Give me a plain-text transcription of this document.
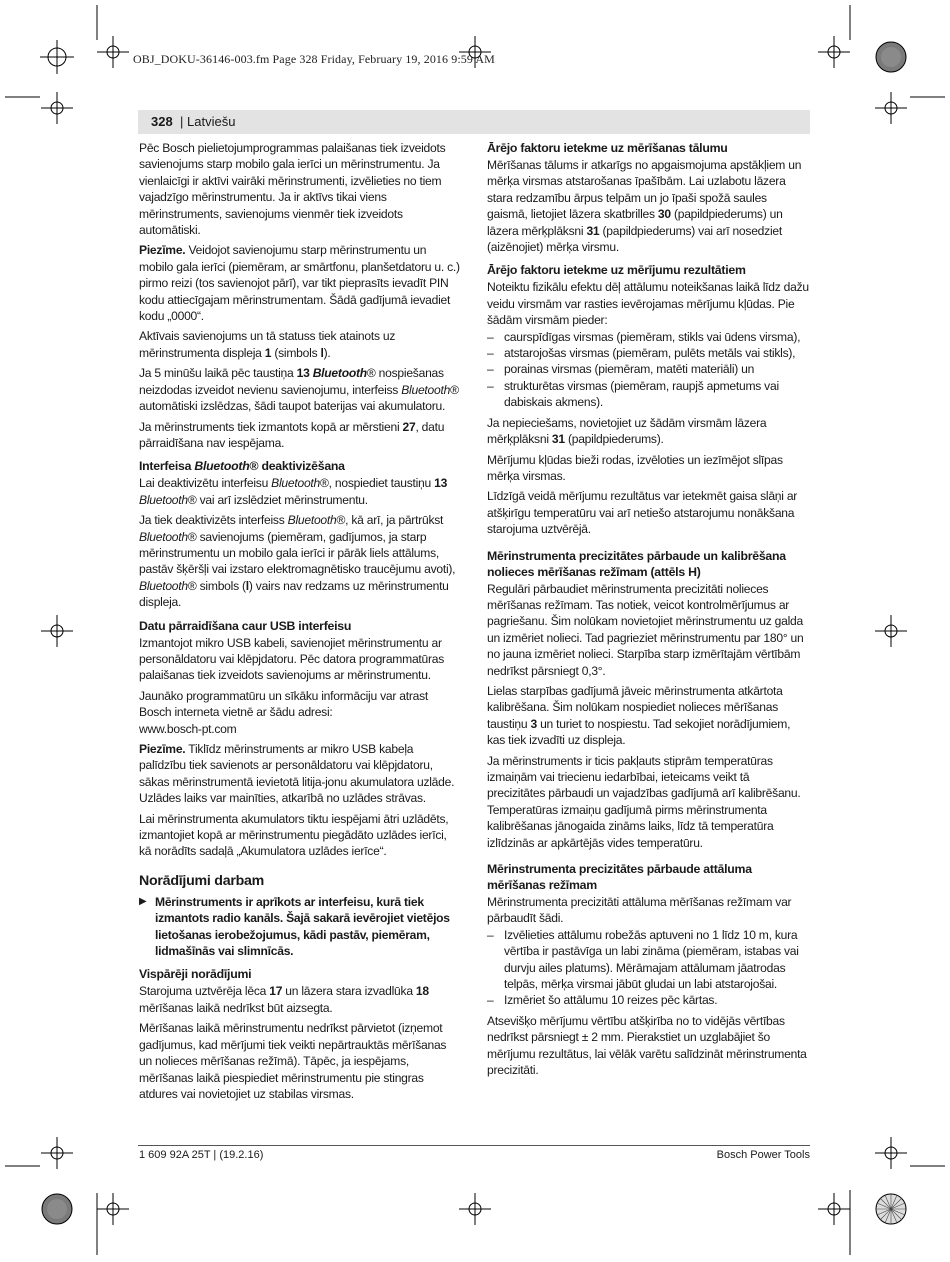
OBJ_DOKU-36146-003.fm Page 328 Friday, February 19, 2016 9:59 AM
328 | Latviešu

Pēc Bosch pielietojumprogrammas palaišanas tiek izveidots savienojums starp mobilo gala ierīci un mērinstrumentu. Ja vienlaicīgi ir aktīvi vairāki mērinstrumenti, izvēlieties no tiem vajadzīgo mērinstrumentu. Ja ir aktīvs tikai viens mērinstruments, savienojums vienmēr tiek izveidots automātiski.

Piezīme. Veidojot savienojumu starp mērinstrumentu un mobilo gala ierīci (piemēram, ar smārtfonu, planšetdatoru u. c.) pirmo reizi (tos savienojot pārī), var tikt pieprasīts ievadīt PIN kodu attiecīgajam mērinstrumentam. Šādā gadījumā ievadiet kodu „0000“.

Aktīvais savienojums un tā statuss tiek atainots uz mērinstrumenta displeja 1 (simbols l).

Ja 5 minūšu laikā pēc taustiņa 13 Bluetooth® nospiešanas neizdodas izveidot nevienu savienojumu, interfeiss Bluetooth® automātiski izslēdzas, šādi taupot baterijas vai akumulatoru.

Ja mērinstruments tiek izmantots kopā ar mērstieni 27, datu pārraidīšana nav iespējama.

Interfeisa Bluetooth® deaktivizēšana

Lai deaktivizētu interfeisu Bluetooth®, nospiediet taustiņu 13 Bluetooth® vai arī izslēdziet mērinstrumentu.

Ja tiek deaktivizēts interfeiss Bluetooth®, kā arī, ja pārtrūkst Bluetooth® savienojums (piemēram, gadījumos, ja starp mērinstrumentu un mobilo gala ierīci ir pārāk liels attālums, pastāv šķēršļi vai izstaro elektromagnētisko traucējumu avoti), Bluetooth® simbols (l) vairs nav redzams uz mērinstrumentu displeja.

Datu pārraidīšana caur USB interfeisu

Izmantojot mikro USB kabeli, savienojiet mērinstrumentu ar personāldatoru vai klēpjdatoru. Pēc datora programmatūras palaišanas tiek izveidots savienojums ar mērinstrumentu.

Jaunāko programmatūru un sīkāku informāciju var atrast Bosch interneta vietnē ar šādu adresi:
www.bosch-pt.com

Piezīme. Tiklīdz mērinstruments ar mikro USB kabeļa palīdzību tiek savienots ar personāldatoru vai klēpjdatoru, sākas mērinstrumentā ievietotā litija-jonu akumulatora uzlāde. Uzlādes laiks var mainīties, atkarībā no uzlādes strāvas.

Lai mērinstrumenta akumulators tiktu iespējami ātri uzlādēts, izmantojiet kopā ar mērinstrumentu piegādāto uzlādes ierīci, kā norādīts sadaļā „Akumulatora uzlādes ierīce“.

Norādījumi darbam
▶ Mērinstruments ir aprīkots ar interfeisu, kurā tiek izmantots radio kanāls. Šajā sakarā ievērojiet vietējos lietošanas ierobežojumus, kādi pastāv, piemēram, lidmašīnās vai slimnīcās.
Vispārēji norādījumi

Starojuma uztvērēja lēca 17 un lāzera stara izvadlūka 18 mērīšanas laikā nedrīkst būt aizsegta.

Mērīšanas laikā mērinstrumentu nedrīkst pārvietot (izņemot gadījumus, kad mērījumi tiek veikti nepārtrauktās mērīšanas un nolieces mērīšanas režīmā). Tāpēc, ja iespējams, mērīšanas laikā piespiediet mērinstrumentu pie stingras atdures vai novietojiet uz stabilas virsmas.

Ārējo faktoru ietekme uz mērīšanas tālumu

Mērīšanas tālums ir atkarīgs no apgaismojuma apstākļiem un mērķa virsmas atstarošanas īpašībām. Lai uzlabotu lāzera stara redzamību ārpus telpām un jo īpaši spožā saules gaismā, lietojiet lāzera skatbrilles 30 (papildpiederums) un lāzera mērķplāksni 31 (papildpiederums) vai arī nosedziet (aizēnojiet) mērķa virsmu.

Ārējo faktoru ietekme uz mērījumu rezultātiem

Noteiktu fizikālu efektu dēļ attālumu noteikšanas laikā līdz dažu veidu virsmām var rasties ievērojamas mērījumu kļūdas. Pie šādām virsmām pieder:

– caurspīdīgas virsmas (piemēram, stikls vai ūdens virsma),
– atstarojošas virsmas (piemēram, pulēts metāls vai stikls),
– porainas virsmas (piemēram, matēti materiāli) un
– strukturētas virsmas (piemēram, raupjš apmetums vai dabiskais akmens).

Ja nepieciešams, novietojiet uz šādām virsmām lāzera mērķplāksni 31 (papildpiederums).

Mērījumu kļūdas bieži rodas, izvēloties un iezīmējot slīpas mērķa virsmas.

Līdzīgā veidā mērījumu rezultātus var ietekmēt gaisa slāņi ar atšķirīgu temperatūru vai arī netiešo atstarojumu nonākšana starojuma uztvērējā.

Mērinstrumenta precizitātes pārbaude un kalibrēšana nolieces mērīšanas režīmam (attēls H)

Regulāri pārbaudiet mērinstrumenta precizitāti nolieces mērīšanas režīmam. Tas notiek, veicot kontrolmērījumus ar pagriešanu. Šim nolūkam novietojiet mērinstrumentu uz galda un izmēriet nolieci. Tad pagrieziet mērinstrumentu par 180° un no jauna izmēriet nolieci. Starpība starp izmērītajām vērtībām nedrīkst pārsniegt 0,3°.

Lielas starpības gadījumā jāveic mērinstrumenta atkārtota kalibrēšana. Šim nolūkam nospiediet nolieces mērīšanas taustiņu 3 un turiet to nospiestu. Tad sekojiet norādījumiem, kas tiek izvadīti uz displeja.

Ja mērinstruments ir ticis pakļauts stiprām temperatūras izmaiņām vai triecienu iedarbībai, ieteicams veikt tā precizitātes pārbaudi un vajadzības gadījumā arī kalibrēšanu. Temperatūras izmaiņu gadījumā pirms mērinstrumenta kalibrēšanas jānogaida zināms laiks, līdz tā temperatūra izlīdzinās ar apkārtējās vides temperatūru.

Mērinstrumenta precizitātes pārbaude attāluma mērīšanas režīmam

Mērinstrumenta precizitāti attāluma mērīšanas režīmam var pārbaudīt šādi.

– Izvēlieties attālumu robežās aptuveni no 1 līdz 10 m, kura vērtība ir pastāvīga un labi zināma (piemēram, istabas vai durvju ailes platums). Mērāmajam attālumam jāatrodas telpās, mērķa virsmai jābūt gludai un labi atstarojošai.
– Izmēriet šo attālumu 10 reizes pēc kārtas.

Atsevišķo mērījumu vērtību atšķirība no to vidējās vērtības nedrīkst pārsniegt ± 2 mm. Pierakstiet un uzglabājiet šo mērījumu rezultātus, lai vēlāk varētu salīdzināt mērinstrumenta precizitāti.

1 609 92A 25T | (19.2.16)	Bosch Power Tools
